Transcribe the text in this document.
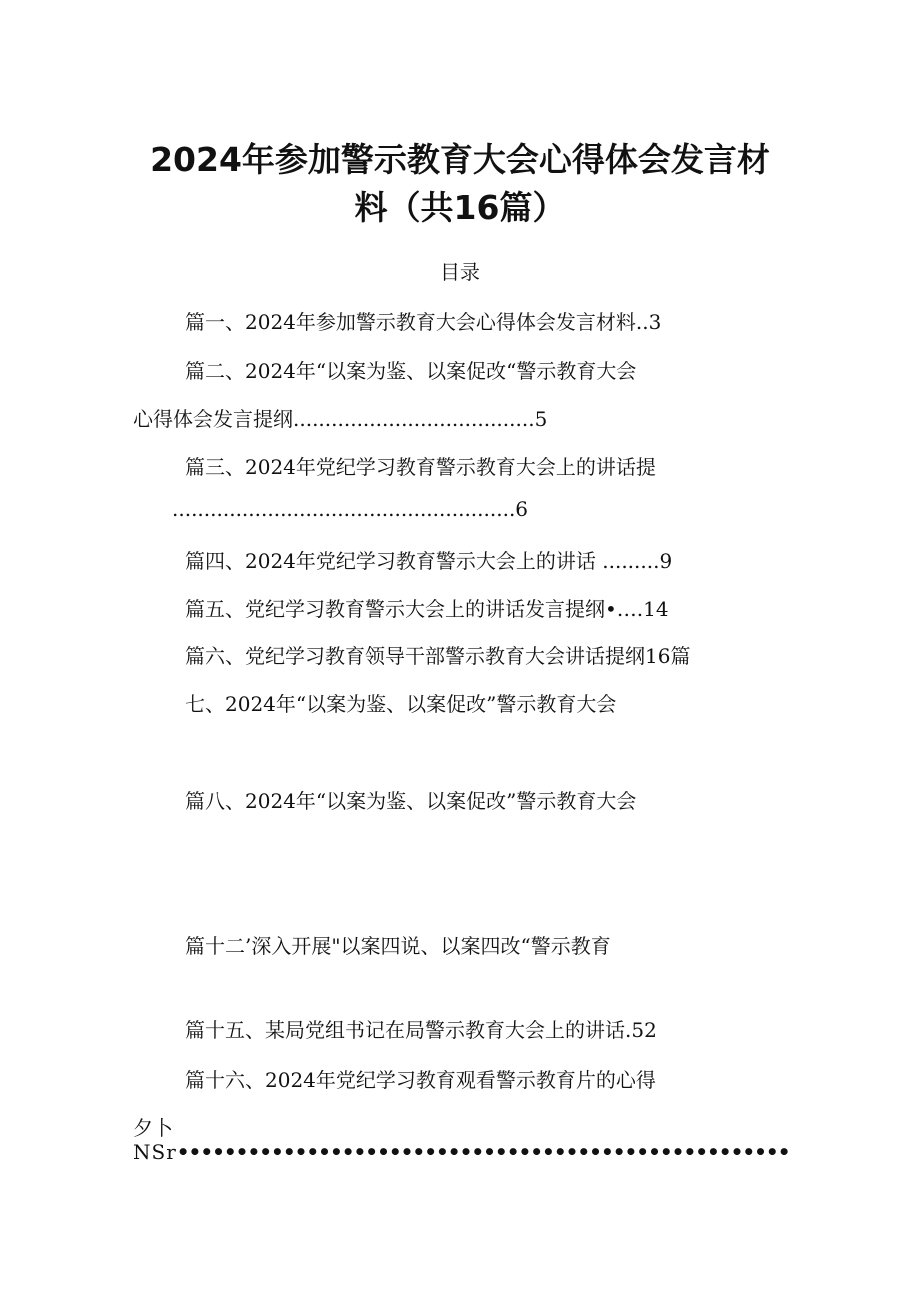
2024年参加警示教育大会心得体会发言材
料（共16篇）
目录
篇一、2024年参加警示教育大会心得体会发言材料..3
篇二、2024年“以案为鉴、以案促改“警示教育大会
心得体会发言提纲......................................5
篇三、2024年党纪学习教育警示教育大会上的讲话提
......................................................6
篇四、2024年党纪学习教育警示大会上的讲话 .........9
篇五、党纪学习教育警示大会上的讲话发言提纲•….14
篇六、党纪学习教育领导干部警示教育大会讲话提纲16篇
七、2024年“以案为鉴、以案促改”警示教育大会
篇八、2024年“以案为鉴、以案促改”警示教育大会
篇十二’深入开展"以案四说、以案四改“警示教育
篇十五、某局党组书记在局警示教育大会上的讲话.52
篇十六、2024年党纪学习教育观看警示教育片的心得
夕卜
NSr••••••••••••••••••••••••••••••••••••••••••••••••••••
